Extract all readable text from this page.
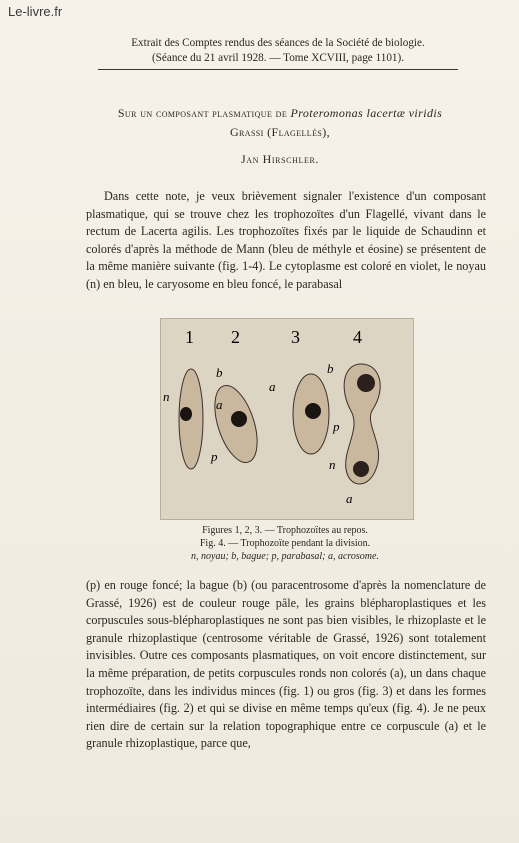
Le-livre.fr
Extrait des Comptes rendus des séances de la Société de biologie.
(Séance du 21 avril 1928. — Tome XCVIII, page 1101).
Sur un composant plasmatique de Proteromonas lacertæ viridis
Grassi (Flagellés),
Jan Hirschler.

Dans cette note, je veux brièvement signaler l'existence d'un composant plasmatique, qui se trouve chez les trophozoïtes d'un Flagellé, vivant dans le rectum de Lacerta agilis. Les trophozoïtes fixés par le liquide de Schaudinn et colorés d'après la méthode de Mann (bleu de méthyle et éosine) se présentent de la même manière suivante (fig. 1-4). Le cytoplasme est coloré en violet, le noyau (n) en bleu, le caryosome en bleu foncé, le parabasal

1 2	3	4
n
a
b
p
a
b
p
n
a
Figures 1, 2, 3. — Trophozoïtes au repos.
Fig. 4. — Trophozoïte pendant la division.
n, noyau; b, bague; p, parabasal; a, acrosome.

(p) en rouge foncé; la bague (b) (ou paracentrosome d'après la nomenclature de Grassé, 1926) est de couleur rouge pâle, les grains blépharoplastiques et les corpuscules sous-blépharoplastiques ne sont pas bien visibles, le rhizoplaste et le granule rhizoplastique (centrosome véritable de Grassé, 1926) sont totalement invisibles. Outre ces composants plasmatiques, on voit encore distinctement, sur la même préparation, de petits corpuscules ronds non colorés (a), un dans chaque trophozoïte, dans les individus minces (fig. 1) ou gros (fig. 3) et dans les formes intermédiaires (fig. 2) et qui se divise en même temps qu'eux (fig. 4). Je ne peux rien dire de certain sur la relation topographique entre ce corpuscule (a) et le granule rhizoplastique, parce que,
